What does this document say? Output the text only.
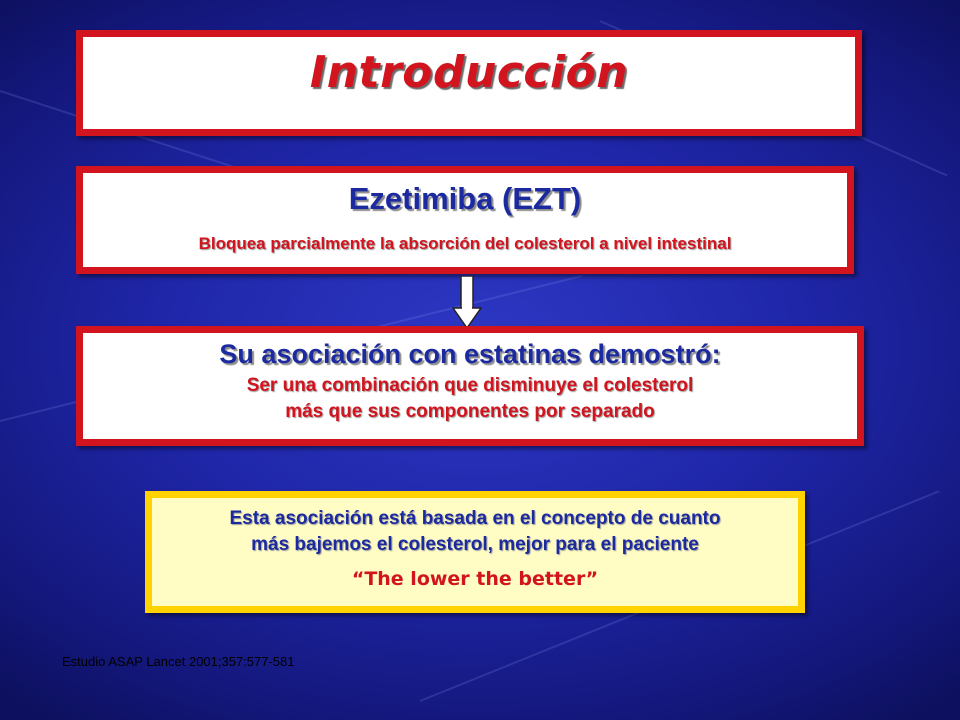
Introducción
Ezetimiba (EZT)
Bloquea parcialmente la absorción del colesterol a nivel intestinal
Su asociación con estatinas demostró:
Ser una combinación que disminuye el colesterol
más que sus componentes por separado
Esta asociación está basada en el concepto de cuanto
más bajemos el colesterol, mejor para el paciente
“The lower the better”
Estudio ASAP Lancet 2001;357:577-581
